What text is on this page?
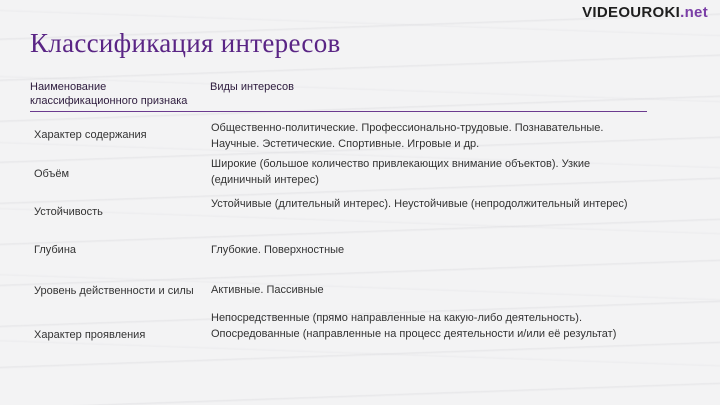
VIDEOUROKI.net
Классификация интересов
Наименование классификационного признака
Виды интересов
Характер содержания
Общественно-политические. Профессионально-трудовые. Познавательные. Научные. Эстетические. Спортивные. Игровые и др.
Объём
Широкие (большое количество привлекающих внимание объектов). Узкие (единичный интерес)
Устойчивость
Устойчивые (длительный интерес). Неустойчивые (непродолжительный интерес)
Глубина	Глубокие. Поверхностные
Уровень действенности и силы Активные. Пассивные
Характер проявления
Непосредственные (прямо направленные на какую-либо деятельность). Опосредованные (направленные на процесс деятельности и/или её результат)
